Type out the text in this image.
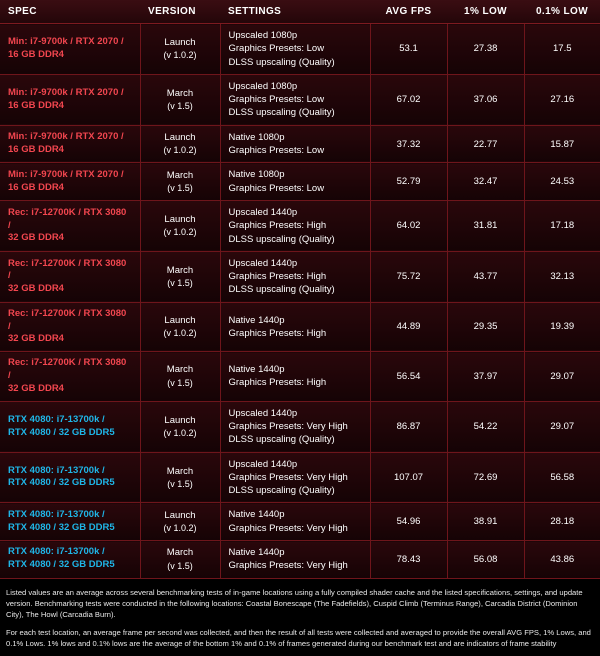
SPEC	VERSION	SETTINGS	AVG FPS	1% LOW	0.1% LOW
Min: i7-9700k / RTX 2070 /
16 GB DDR4	Launch
(v 1.0.2)	Upscaled 1080p
Graphics Presets: Low
DLSS upscaling (Quality)	53.1	27.38	17.5
Min: i7-9700k / RTX 2070 /
16 GB DDR4	March
(v 1.5)	Upscaled 1080p
Graphics Presets: Low
DLSS upscaling (Quality)	67.02	37.06	27.16
Min: i7-9700k / RTX 2070 /
16 GB DDR4	Launch
(v 1.0.2)	Native 1080p
Graphics Presets: Low	37.32	22.77	15.87
Min: i7-9700k / RTX 2070 /
16 GB DDR4	March
(v 1.5)	Native 1080p
Graphics Presets: Low	52.79	32.47	24.53
Rec: i7-12700K / RTX 3080 /
32 GB DDR4	Launch
(v 1.0.2)	Upscaled 1440p
Graphics Presets: High
DLSS upscaling (Quality)	64.02	31.81	17.18
Rec: i7-12700K / RTX 3080 /
32 GB DDR4	March
(v 1.5)	Upscaled 1440p
Graphics Presets: High
DLSS upscaling (Quality)	75.72	43.77	32.13
Rec: i7-12700K / RTX 3080 /
32 GB DDR4	Launch
(v 1.0.2)	Native 1440p
Graphics Presets: High	44.89	29.35	19.39
Rec: i7-12700K / RTX 3080 /
32 GB DDR4	March
(v 1.5)	Native 1440p
Graphics Presets: High	56.54	37.97	29.07
RTX 4080: i7-13700k /
RTX 4080 / 32 GB DDR5	Launch
(v 1.0.2)	Upscaled 1440p
Graphics Presets: Very High
DLSS upscaling (Quality)	86.87	54.22	29.07
RTX 4080: i7-13700k /
RTX 4080 / 32 GB DDR5	March
(v 1.5)	Upscaled 1440p
Graphics Presets: Very High
DLSS upscaling (Quality)	107.07	72.69	56.58
RTX 4080: i7-13700k /
RTX 4080 / 32 GB DDR5	Launch
(v 1.0.2)	Native 1440p
Graphics Presets: Very High	54.96	38.91	28.18
RTX 4080: i7-13700k /
RTX 4080 / 32 GB DDR5	March
(v 1.5)	Native 1440p
Graphics Presets: Very High	78.43	56.08	43.86

Listed values are an average across several benchmarking tests of in-game locations using a fully compiled shader cache and the listed specifications, settings, and update version. Benchmarking tests were conducted in the following locations: Coastal Bonescape (The Fadefields), Cuspid Climb (Terminus Range), Carcadia District (Dominion City), The Howl (Carcadia Burn).

For each test location, an average frame per second was collected, and then the result of all tests were collected and averaged to provide the overall AVG FPS, 1% Lows, and 0.1% Lows. 1% lows and 0.1% lows are the average of the bottom 1% and 0.1% of frames generated during our benchmark test and are indicators of frame stability
